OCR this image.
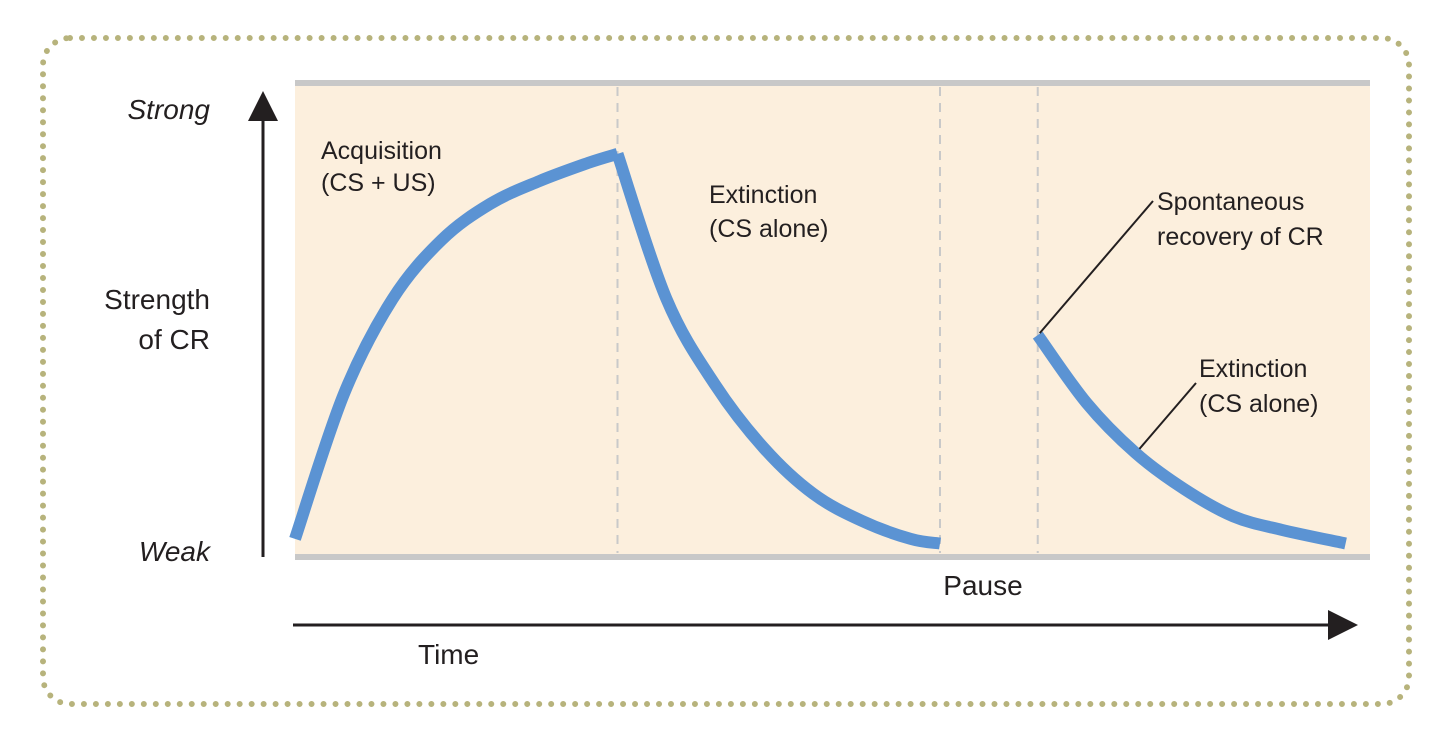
Strong
Weak
Strength
of CR
Time
Pause
Acquisition
(CS + US)	Extinction
(CS alone)
Spontaneous
recovery of CR
Extinction
(CS alone)
